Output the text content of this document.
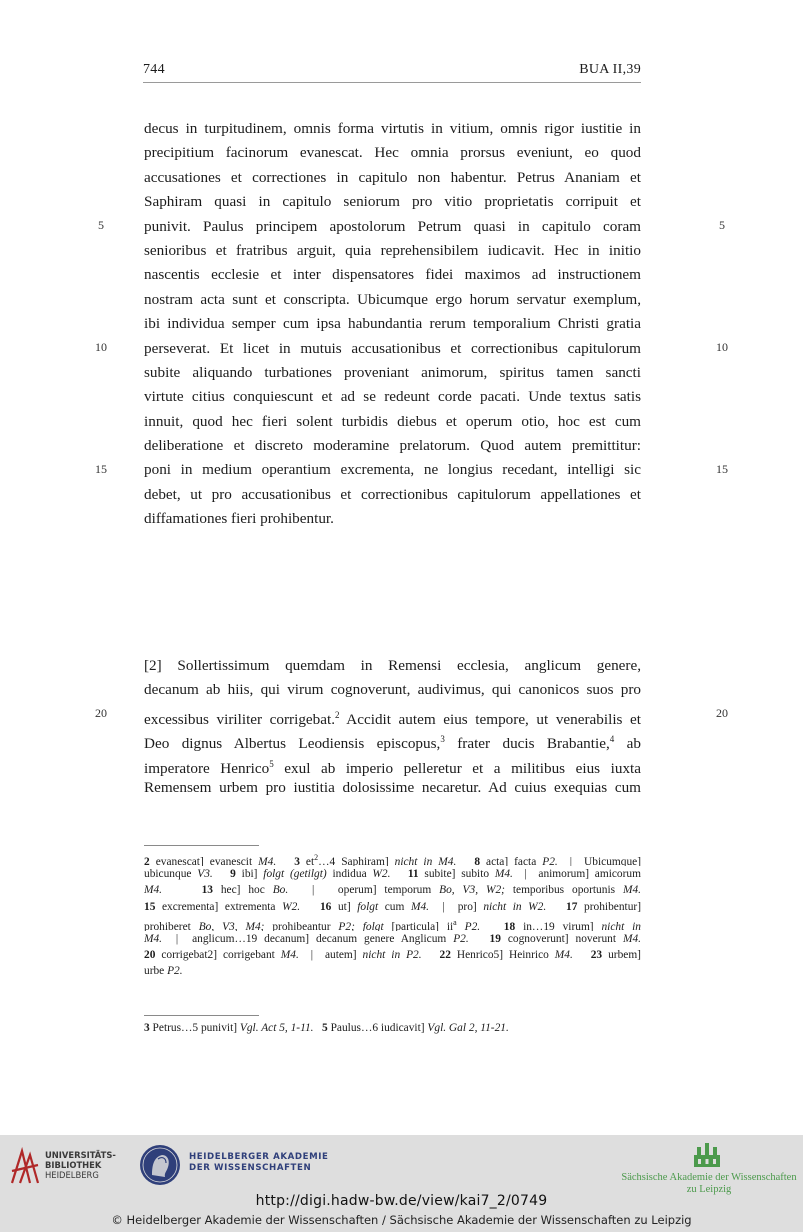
744	BUA II,39
decus in turpitudinem, omnis forma virtutis in vitium, omnis rigor iustitie in
precipitium facinorum evanescat. Hec omnia prorsus eveniunt, eo quod
accusationes et correctiones in capitulo non habentur. Petrus Ananiam et
Saphiram quasi in capitulo seniorum pro vitio proprietatis corripuit et
punivit. Paulus principem apostolorum Petrum quasi in capitulo coram
senioribus et fratribus arguit, quia reprehensibilem iudicavit. Hec in initio
nascentis ecclesie et inter dispensatores fidei maximos ad instructionem
nostram acta sunt et conscripta. Ubicumque ergo horum servatur exemplum,
ibi individua semper cum ipsa habundantia rerum temporalium Christi gratia
perseverat. Et licet in mutuis accusationibus et correctionibus capitulorum
subite aliquando turbationes proveniant animorum, spiritus tamen sancti
virtute citius conquiescunt et ad se redeunt corde pacati. Unde textus satis
innuit, quod hec fieri solent turbidis diebus et operum otio, hoc est cum
deliberatione et discreto moderamine prelatorum. Quod autem premittitur:
poni in medium operantium excrementa, ne longius recedant, intelligi sic
debet, ut pro accusationibus et correctionibus capitulorum appellationes et
diffamationes fieri prohibentur.
5	5
10	10
15	15
20	20
[2] Sollertissimum quemdam in Remensi ecclesia, anglicum genere,
decanum ab hiis, qui virum cognoverunt, audivimus, qui canonicos suos pro
excessibus viriliter corrigebat.$^2$ Accidit autem eius tempore, ut venerabilis et
Deo dignus Albertus Leodiensis episcopus,$^3$ frater ducis Brabantie,$^4$ ab
imperatore Henrico$^5$ exul ab imperio pelleretur et a militibus eius iuxta
Remensem urbem pro iustitia dolosissime necaretur. Ad cuius exequias cum
2 evanescat] evanescit M4. 3 $et^2\dots 4$ Saphiram] nicht in M4. 8 acta] facta P2.  |  Ubicumque]
ubicunque V3. 9 ibi] folgt (getilgt) indidua W2. 11 subite] subito M4.  |  animorum] amicorum
M4.	13 hec] hoc Bo.   |   operum] temporum Bo, V3, W2; temporibus oportunis M4.
15 excrementa] extrementa W2. 16 ut] folgt cum M4.  |  pro] nicht in W2. 17 prohibentur]
prohiberet Bo, V3, M4; prohibeantur P2; folgt [particula] $ii^a$ P2. 18 in…19 virum] nicht in
M4.  |  anglicum…19 decanum] decanum genere Anglicum P2. 19 cognoverunt] noverunt M4.
20 corrigebat2] corrigebant M4.  |  autem] nicht in P2. 22 Henrico5] Heinrico M4. 23 urbem]
urbe P2.
3 Petrus…5 punivit] Vgl. Act 5, 1-11. 5 Paulus…6 iudicavit] Vgl. Gal 2, 11-21.
UNIVERSITÄTS-
BIBLIOTHEK
HEIDELBERG
HEIDELBERGER AKADEMIE
DER WISSENSCHAFTEN
Sächsische Akademie der Wissenschaften
zu Leipzig
http://digi.hadw-bw.de/view/kai7_2/0749
© Heidelberger Akademie der Wissenschaften / Sächsische Akademie der Wissenschaften zu Leipzig
